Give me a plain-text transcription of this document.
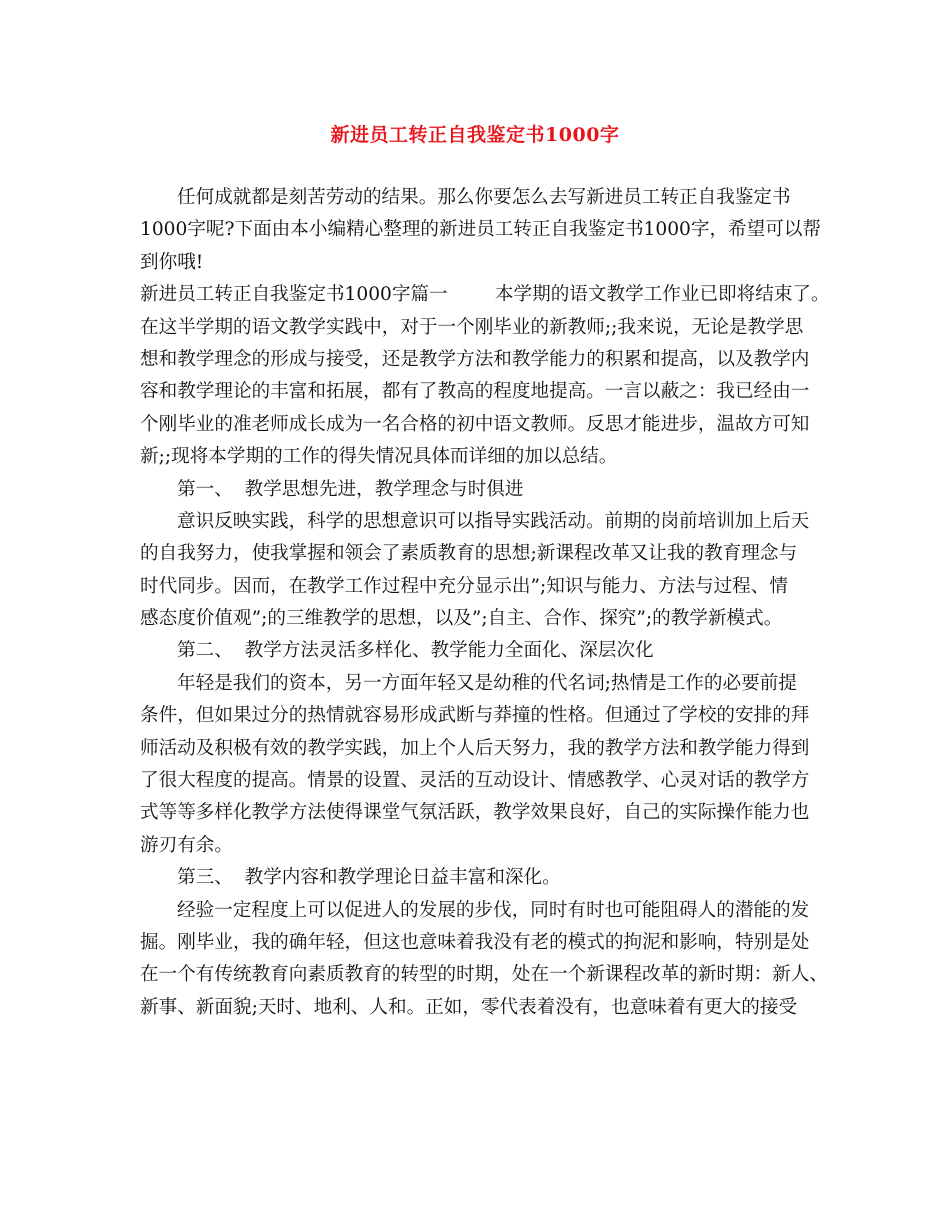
新进员工转正自我鉴定书1000字
任何成就都是刻苦劳动的结果。那么你要怎么去写新进员工转正自我鉴定书
1000字呢?下面由本小编精心整理的新进员工转正自我鉴定书1000字，希望可以帮
到你哦!
新进员工转正自我鉴定书1000字篇一        本学期的语文教学工作业已即将结束了。
在这半学期的语文教学实践中，对于一个刚毕业的新教师;;我来说，无论是教学思
想和教学理念的形成与接受，还是教学方法和教学能力的积累和提高，以及教学内
容和教学理论的丰富和拓展，都有了教高的程度地提高。一言以蔽之：我已经由一
个刚毕业的准老师成长成为一名合格的初中语文教师。反思才能进步，温故方可知
新;;现将本学期的工作的得失情况具体而详细的加以总结。
第一、  教学思想先进，教学理念与时俱进
意识反映实践，科学的思想意识可以指导实践活动。前期的岗前培训加上后天
的自我努力，使我掌握和领会了素质教育的思想;新课程改革又让我的教育理念与
时代同步。因而，在教学工作过程中充分显示出”;知识与能力、方法与过程、情
感态度价值观”;的三维教学的思想，以及”;自主、合作、探究”;的教学新模式。
第二、  教学方法灵活多样化、教学能力全面化、深层次化
年轻是我们的资本，另一方面年轻又是幼稚的代名词;热情是工作的必要前提
条件，但如果过分的热情就容易形成武断与莽撞的性格。但通过了学校的安排的拜
师活动及积极有效的教学实践，加上个人后天努力，我的教学方法和教学能力得到
了很大程度的提高。情景的设置、灵活的互动设计、情感教学、心灵对话的教学方
式等等多样化教学方法使得课堂气氛活跃，教学效果良好，自己的实际操作能力也
游刃有余。
第三、  教学内容和教学理论日益丰富和深化。
经验一定程度上可以促进人的发展的步伐，同时有时也可能阻碍人的潜能的发
掘。刚毕业，我的确年轻，但这也意味着我没有老的模式的拘泥和影响，特别是处
在一个有传统教育向素质教育的转型的时期，处在一个新课程改革的新时期：新人、
新事、新面貌;天时、地利、人和。正如，零代表着没有，也意味着有更大的接受
